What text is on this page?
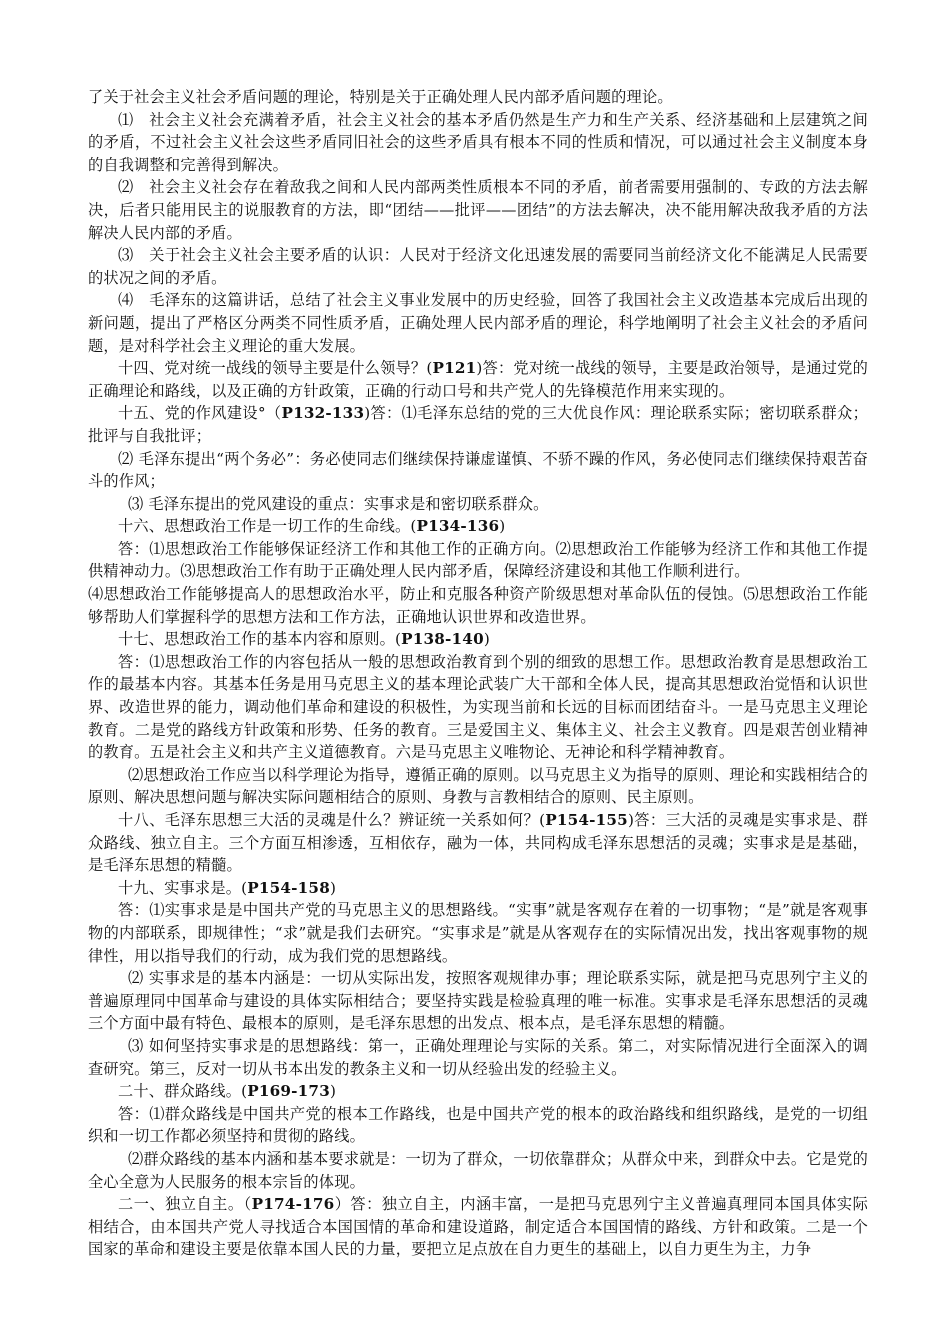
了关于社会主义社会矛盾问题的理论，特别是关于正确处理人民内部矛盾问题的理论。

⑴　社会主义社会充满着矛盾，社会主义社会的基本矛盾仍然是生产力和生产关系、经济基础和上层建筑之间的矛盾，不过社会主义社会这些矛盾同旧社会的这些矛盾具有根本不同的性质和情况，可以通过社会主义制度本身的自我调整和完善得到解决。

⑵　社会主义社会存在着敌我之间和人民内部两类性质根本不同的矛盾，前者需要用强制的、专政的方法去解决，后者只能用民主的说服教育的方法，即“团结——批评——团结”的方法去解决，决不能用解决敌我矛盾的方法解决人民内部的矛盾。

⑶　关于社会主义社会主要矛盾的认识：人民对于经济文化迅速发展的需要同当前经济文化不能满足人民需要的状况之间的矛盾。

⑷　毛泽东的这篇讲话，总结了社会主义事业发展中的历史经验，回答了我国社会主义改造基本完成后出现的新问题，提出了严格区分两类不同性质矛盾，正确处理人民内部矛盾的理论，科学地阐明了社会主义社会的矛盾问题，是对科学社会主义理论的重大发展。

十四、党对统一战线的领导主要是什么领导？(P121)答：党对统一战线的领导，主要是政治领导，是通过党的正确理论和路线，以及正确的方针政策，正确的行动口号和共产党人的先锋模范作用来实现的。

十五、党的作风建设°（P132-133)答：⑴毛泽东总结的党的三大优良作风：理论联系实际；密切联系群众；批评与自我批评；

⑵ 毛泽东提出“两个务必”：务必使同志们继续保持谦虚谨慎、不骄不躁的作风，务必使同志们继续保持艰苦奋斗的作风；

⑶ 毛泽东提出的党风建设的重点：实事求是和密切联系群众。

十六、思想政治工作是一切工作的生命线。(P134-136)

答：⑴思想政治工作能够保证经济工作和其他工作的正确方向。⑵思想政治工作能够为经济工作和其他工作提供精神动力。⑶思想政治工作有助于正确处理人民内部矛盾，保障经济建设和其他工作顺利进行。

⑷思想政治工作能够提高人的思想政治水平，防止和克服各种资产阶级思想对革命队伍的侵蚀。⑸思想政治工作能够帮助人们掌握科学的思想方法和工作方法，正确地认识世界和改造世界。

十七、思想政治工作的基本内容和原则。(P138-140)

答：⑴思想政治工作的内容包括从一般的思想政治教育到个别的细致的思想工作。思想政治教育是思想政治工作的最基本内容。其基本任务是用马克思主义的基本理论武装广大干部和全体人民，提高其思想政治觉悟和认识世界、改造世界的能力，调动他们革命和建设的积极性，为实现当前和长远的目标而团结奋斗。一是马克思主义理论教育。二是党的路线方针政策和形势、任务的教育。三是爱国主义、集体主义、社会主义教育。四是艰苦创业精神的教育。五是社会主义和共产主义道德教育。六是马克思主义唯物论、无神论和科学精神教育。

⑵思想政治工作应当以科学理论为指导，遵循正确的原则。以马克思主义为指导的原则、理论和实践相结合的原则、解决思想问题与解决实际问题相结合的原则、身教与言教相结合的原则、民主原则。

十八、毛泽东思想三大活的灵魂是什么？辨证统一关系如何？(P154-155)答：三大活的灵魂是实事求是、群众路线、独立自主。三个方面互相渗透，互相依存，融为一体，共同构成毛泽东思想活的灵魂；实事求是是基础，是毛泽东思想的精髓。

十九、实事求是。(P154-158)

答：⑴实事求是是中国共产党的马克思主义的思想路线。“实事”就是客观存在着的一切事物；“是”就是客观事物的内部联系，即规律性；“求”就是我们去研究。“实事求是”就是从客观存在的实际情况出发，找出客观事物的规律性，用以指导我们的行动，成为我们党的思想路线。

⑵ 实事求是的基本内涵是：一切从实际出发，按照客观规律办事；理论联系实际，就是把马克思列宁主义的普遍原理同中国革命与建设的具体实际相结合；要坚持实践是检验真理的唯一标准。实事求是毛泽东思想活的灵魂三个方面中最有特色、最根本的原则，是毛泽东思想的出发点、根本点，是毛泽东思想的精髓。

⑶ 如何坚持实事求是的思想路线：第一，正确处理理论与实际的关系。第二，对实际情况进行全面深入的调查研究。第三，反对一切从书本出发的教条主义和一切从经验出发的经验主义。

二十、群众路线。(P169-173)

答：⑴群众路线是中国共产党的根本工作路线，也是中国共产党的根本的政治路线和组织路线，是党的一切组织和一切工作都必须坚持和贯彻的路线。

⑵群众路线的基本内涵和基本要求就是：一切为了群众，一切依靠群众；从群众中来，到群众中去。它是党的全心全意为人民服务的根本宗旨的体现。

二一、独立自主。（P174-176）答：独立自主，内涵丰富，一是把马克思列宁主义普遍真理同本国具体实际相结合，由本国共产党人寻找适合本国国情的革命和建设道路，制定适合本国国情的路线、方针和政策。二是一个国家的革命和建设主要是依靠本国人民的力量，要把立足点放在自力更生的基础上，以自力更生为主，力争
